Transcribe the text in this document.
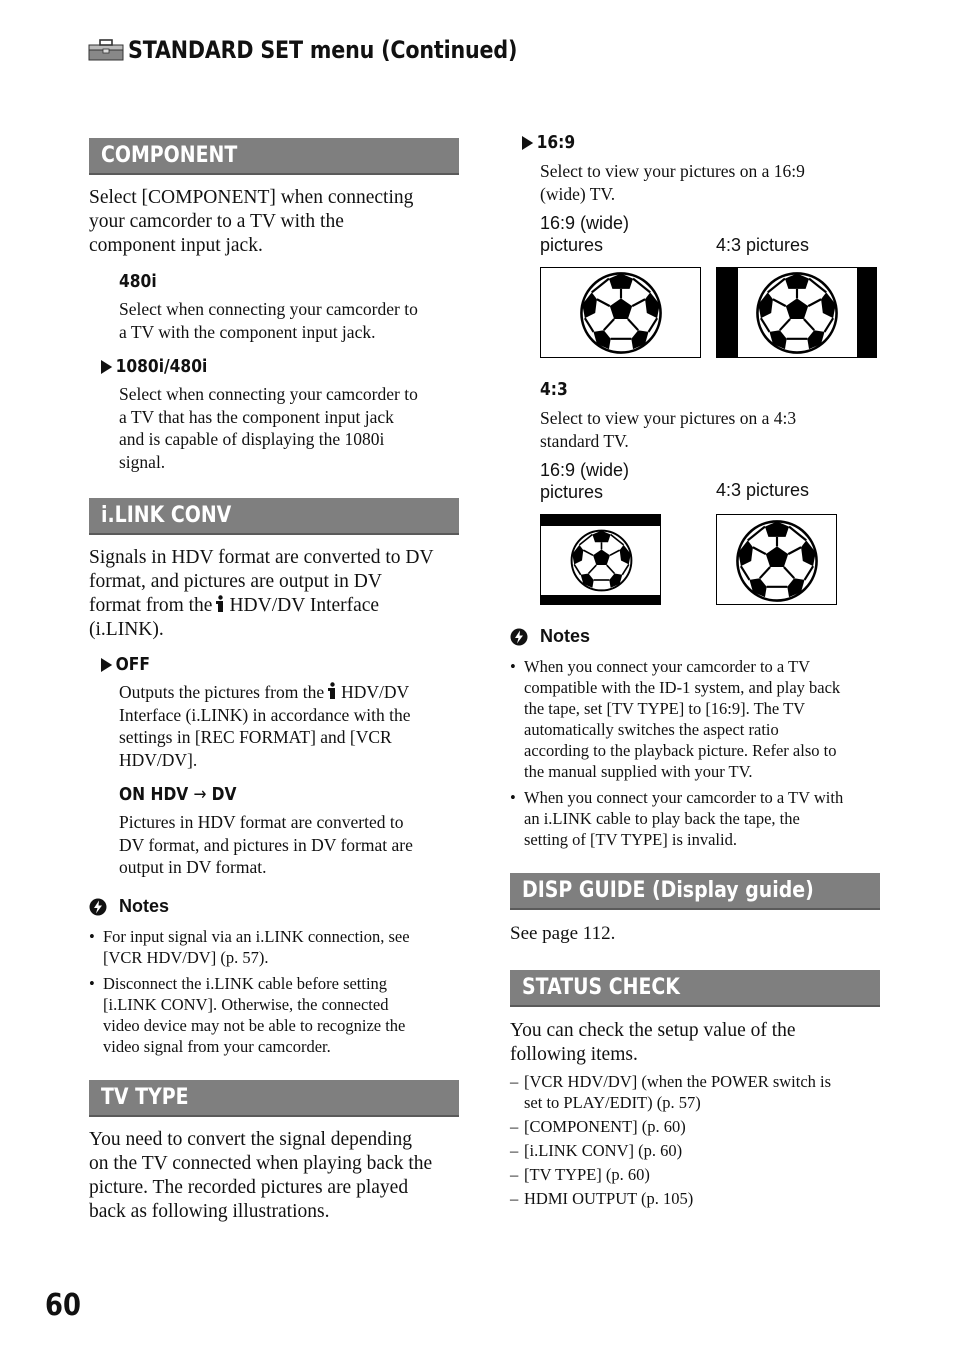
STANDARD SET menu (Continued)
COMPONENT
Select [COMPONENT] when connecting
your camcorder to a TV with the
component input jack.
480i
Select when connecting your camcorder to
a TV with the component input jack.
1080i/480i
Select when connecting your camcorder to
a TV that has the component input jack
and is capable of displaying the 1080i
signal.
i.LINK CONV
Signals in HDV format are converted to DV
format, and pictures are output in DV
format from the HDV/DV Interface
(i.LINK).
OFF
Outputs the pictures from the HDV/DV
Interface (i.LINK) in accordance with the
settings in [REC FORMAT] and [VCR
HDV/DV].
ON HDV → DV
Pictures in HDV format are converted to
DV format, and pictures in DV format are
output in DV format.
Notes
• For input signal via an i.LINK connection, see
[VCR HDV/DV] (p. 57).
• Disconnect the i.LINK cable before setting
[i.LINK CONV]. Otherwise, the connected
video device may not be able to recognize the
video signal from your camcorder.
TV TYPE
You need to convert the signal depending
on the TV connected when playing back the
picture. The recorded pictures are played
back as following illustrations.
60
16:9
Select to view your pictures on a 16:9
(wide) TV.
16:9 (wide)
pictures	4:3 pictures
4:3
Select to view your pictures on a 4:3
standard TV.
16:9 (wide)
pictures	4:3 pictures
Notes
• When you connect your camcorder to a TV
compatible with the ID-1 system, and play back
the tape, set [TV TYPE] to [16:9]. The TV
automatically switches the aspect ratio
according to the playback picture. Refer also to
the manual supplied with your TV.
• When you connect your camcorder to a TV with
an i.LINK cable to play back the tape, the
setting of [TV TYPE] is invalid.
DISP GUIDE (Display guide)
See page 112.
STATUS CHECK
You can check the setup value of the
following items.
– [VCR HDV/DV] (when the POWER switch is
set to PLAY/EDIT) (p. 57)
– [COMPONENT] (p. 60)
– [i.LINK CONV] (p. 60)
– [TV TYPE] (p. 60)
– HDMI OUTPUT (p. 105)
